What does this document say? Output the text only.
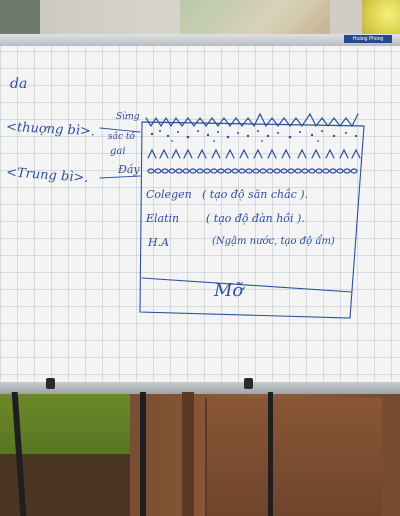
Hoàng Phong
da
<thuợng bì>.
<Trung bì>.
Sừng
sắc tố
gai
Đáy
Colegen ( tạo độ săn chắc ).
Elatin ( tạo độ đàn hồi ).
H.A	(Ngậm nước, tạo độ ẩm)
Mỡ
